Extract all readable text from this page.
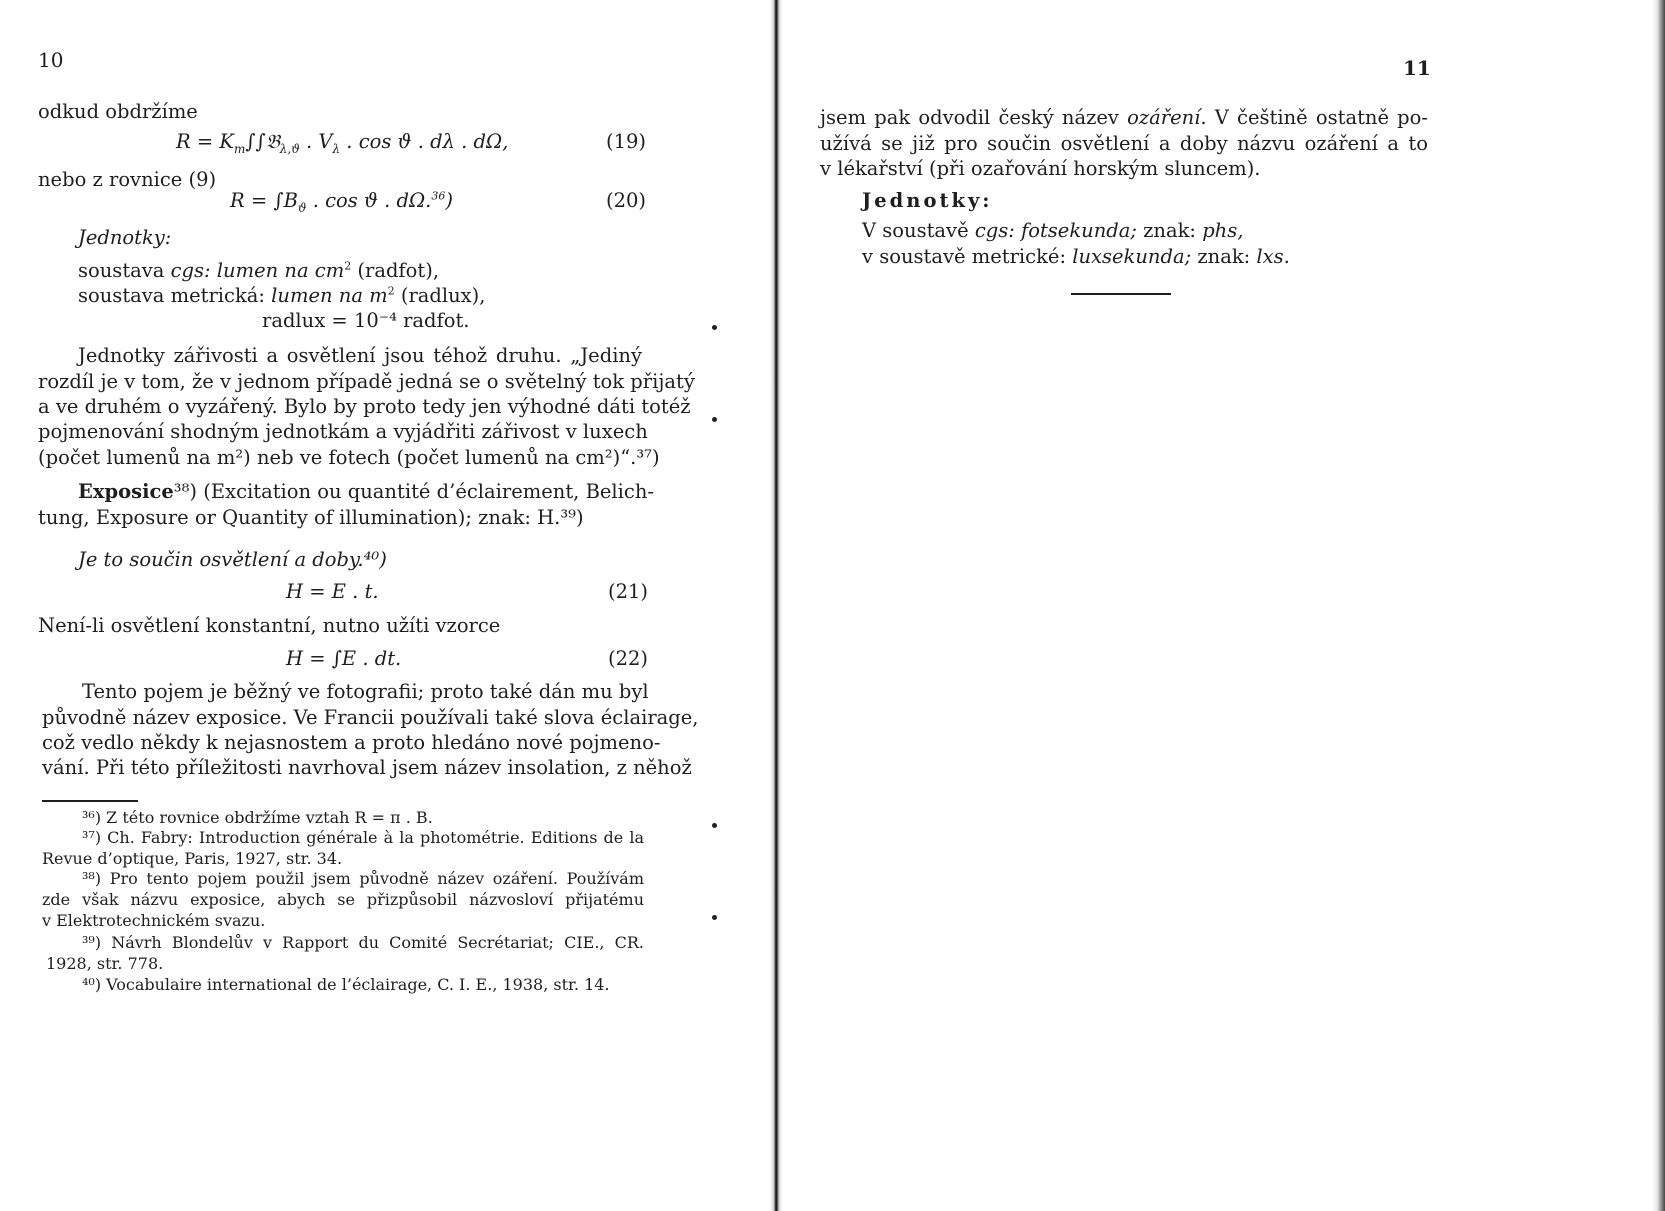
10
odkud obdržíme
$R = K_m\int\int 𝔅_{\lambda,ϑ}$ . $V_\lambda$ . cos ϑ . dλ . dΩ,	(19)
nebo z rovnice (9)
$R = \int B_ϑ$ . cos ϑ . dΩ.$^{36}$)	(20)
Jednotky:
soustava cgs: lumen na $cm^2$ (radfot),
soustava metrická: lumen na $m^2$ (radlux),
radlux = 10⁻⁴ radfot.
Jednotky zářivosti a osvětlení jsou téhož druhu. „Jediný
rozdíl je v tom, že v jednom případě jedná se o světelný tok přijatý
a ve druhém o vyzářený. Bylo by proto tedy jen výhodné dáti totéž
pojmenování shodným jednotkám a vyjádřiti zářivost v luxech
(počet lumenů na m²) neb ve fotech (počet lumenů na cm²)“.³⁷)
Exposice³⁸) (Excitation ou quantité d’éclairement, Belich-
tung, Exposure or Quantity of illumination); znak: H.³⁹)
Je to součin osvětlení a doby.⁴⁰)
H = E . t.	(21)
Není-li osvětlení konstantní, nutno užíti vzorce
H = ∫E . dt.	(22)
Tento pojem je běžný ve fotografii; proto také dán mu byl
původně název exposice. Ve Francii používali také slova éclairage,
což vedlo někdy k nejasnostem a proto hledáno nové pojmeno-
vání. Při této příležitosti navrhoval jsem název insolation, z něhož
³⁶) Z této rovnice obdržíme vztah R = π . B.
³⁷) Ch. Fabry: Introduction générale à la photométrie. Editions de la
Revue d’optique, Paris, 1927, str. 34.
³⁸) Pro tento pojem použil jsem původně název ozáření. Používám
zde však názvu exposice, abych se přizpůsobil názvosloví přijatému
v Elektrotechnickém svazu.
³⁹) Návrh Blondelův v Rapport du Comité Secrétariat; CIE., CR.
1928, str. 778.
⁴⁰) Vocabulaire international de l’éclairage, C. I. E., 1938, str. 14.
11
jsem pak odvodil český název ozáření. V češtině ostatně po-
užívá se již pro součin osvětlení a doby názvu ozáření a to
v lékařství (při ozařování horským sluncem).
Jednotky:
V soustavě cgs: fotsekunda; znak: phs,
v soustavě metrické: luxsekunda; znak: lxs.
